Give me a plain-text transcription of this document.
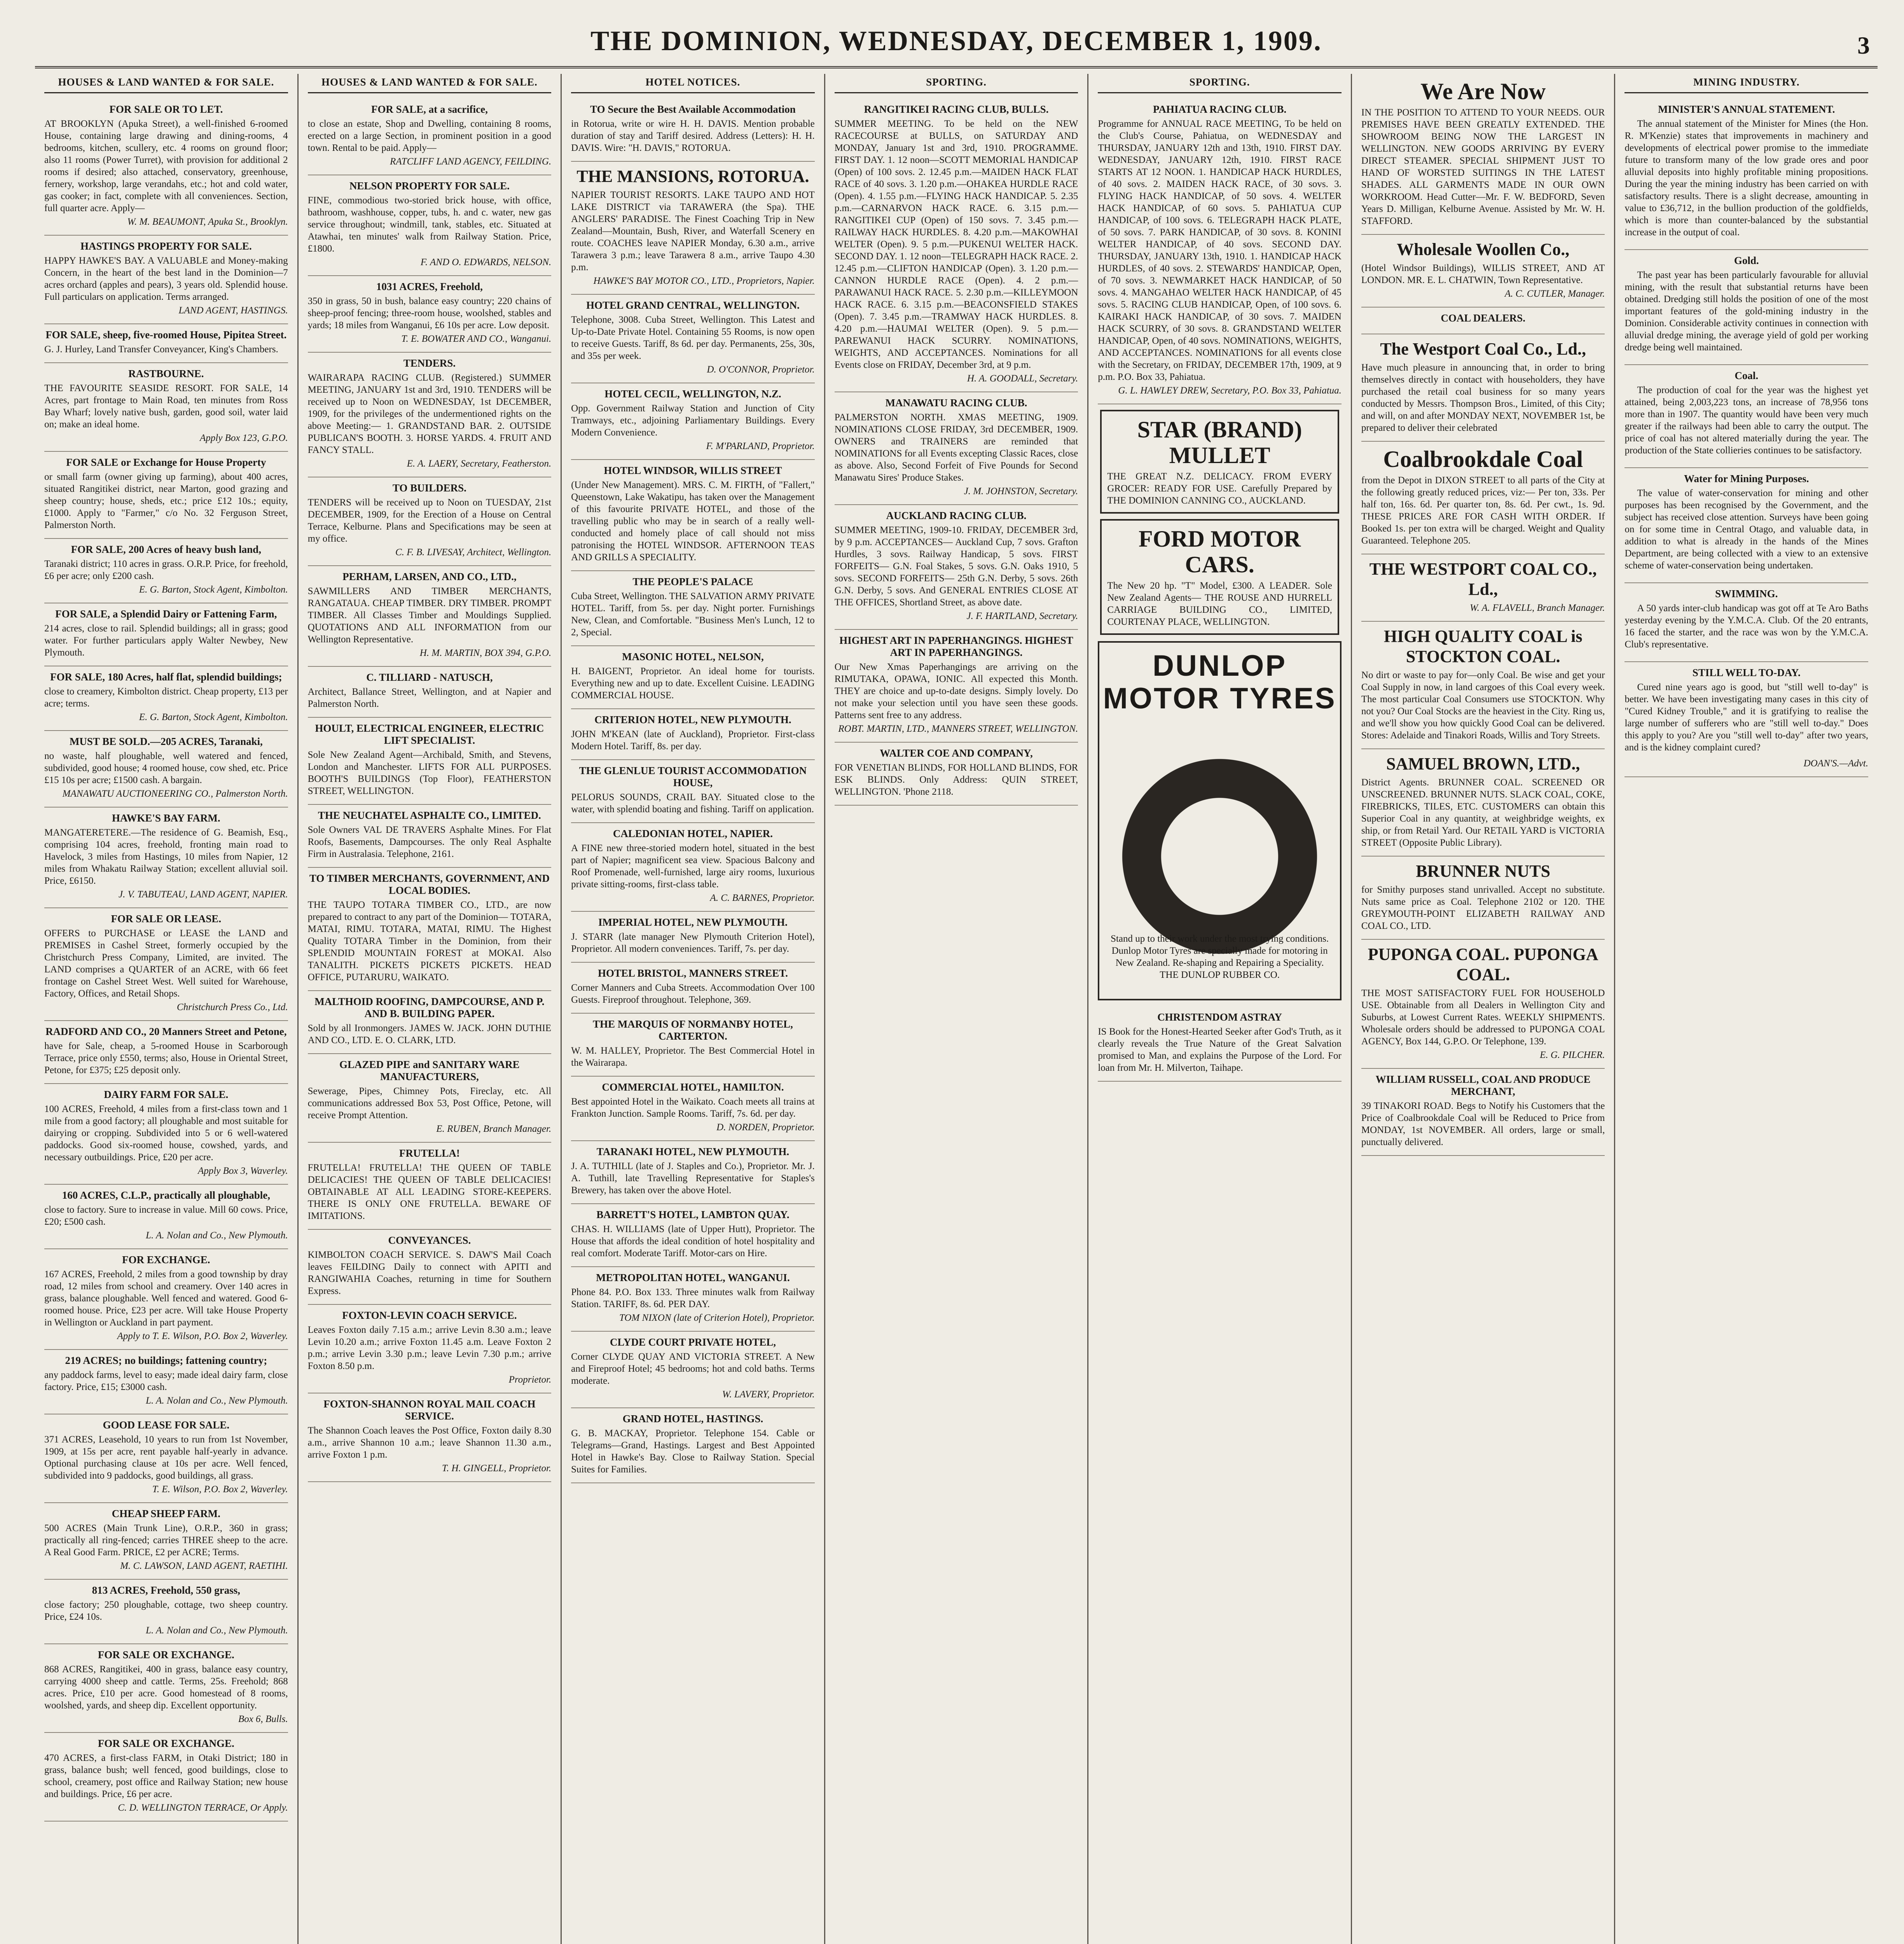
THE DOMINION, WEDNESDAY, DECEMBER 1, 1909.	3
HOUSES & LAND WANTED & FOR SALE.
FOR SALE OR TO LET.
AT BROOKLYN (Apuka Street), a well-finished 6-roomed House, containing large drawing and dining-rooms, 4 bedrooms, kitchen, scullery, etc. 4 rooms on ground floor; also 11 rooms (Power Turret), with provision for additional 2 rooms if desired; also attached, conservatory, greenhouse, fernery, workshop, large verandahs, etc.; hot and cold water, gas cooker; in fact, complete with all conveniences. Section, full quarter acre. Apply—
W. M. BEAUMONT, Apuka St., Brooklyn.
HASTINGS PROPERTY FOR SALE.
HAPPY HAWKE'S BAY. A VALUABLE and Money-making Concern, in the heart of the best land in the Dominion—7 acres orchard (apples and pears), 3 years old. Splendid house. Full particulars on application. Terms arranged.
LAND AGENT, HASTINGS.
FOR SALE, sheep, five-roomed House, Pipitea Street.
G. J. Hurley, Land Transfer Conveyancer, King's Chambers.
RASTBOURNE.
THE FAVOURITE SEASIDE RESORT. FOR SALE, 14 Acres, part frontage to Main Road, ten minutes from Ross Bay Wharf; lovely native bush, garden, good soil, water laid on; make an ideal home.
Apply Box 123, G.P.O.
FOR SALE or Exchange for House Property
or small farm (owner giving up farming), about 400 acres, situated Rangitikei district, near Marton, good grazing and sheep country; house, sheds, etc.; price £12 10s.; equity, £1000. Apply to "Farmer," c/o No. 32 Ferguson Street, Palmerston North.
FOR SALE, 200 Acres of heavy bush land,
Taranaki district; 110 acres in grass. O.R.P. Price, for freehold, £6 per acre; only £200 cash.
E. G. Barton, Stock Agent, Kimbolton.
FOR SALE, a Splendid Dairy or Fattening Farm,
214 acres, close to rail. Splendid buildings; all in grass; good water. For further particulars apply Walter Newbey, New Plymouth.
FOR SALE, 180 Acres, half flat, splendid buildings;
close to creamery, Kimbolton district. Cheap property, £13 per acre; terms.
E. G. Barton, Stock Agent, Kimbolton.
MUST BE SOLD.—205 ACRES, Taranaki,
no waste, half ploughable, well watered and fenced, subdivided, good house; 4 roomed house, cow shed, etc. Price £15 10s per acre; £1500 cash. A bargain.
MANAWATU AUCTIONEERING CO., Palmerston North.
HAWKE'S BAY FARM.
MANGATERETERE.—The residence of G. Beamish, Esq., comprising 104 acres, freehold, fronting main road to Havelock, 3 miles from Hastings, 10 miles from Napier, 12 miles from Whakatu Railway Station; excellent alluvial soil. Price, £6150.
J. V. TABUTEAU, LAND AGENT, NAPIER.
FOR SALE OR LEASE.
OFFERS to PURCHASE or LEASE the LAND and PREMISES in Cashel Street, formerly occupied by the Christchurch Press Company, Limited, are invited. The LAND comprises a QUARTER of an ACRE, with 66 feet frontage on Cashel Street West. Well suited for Warehouse, Factory, Offices, and Retail Shops.
Christchurch Press Co., Ltd.
RADFORD AND CO., 20 Manners Street and Petone,
have for Sale, cheap, a 5-roomed House in Scarborough Terrace, price only £550, terms; also, House in Oriental Street, Petone, for £375; £25 deposit only.
DAIRY FARM FOR SALE.
100 ACRES, Freehold, 4 miles from a first-class town and 1 mile from a good factory; all ploughable and most suitable for dairying or cropping. Subdivided into 5 or 6 well-watered paddocks. Good six-roomed house, cowshed, yards, and necessary outbuildings. Price, £20 per acre.
Apply Box 3, Waverley.
160 ACRES, C.L.P., practically all ploughable,
close to factory. Sure to increase in value. Mill 60 cows. Price, £20; £500 cash.
L. A. Nolan and Co., New Plymouth.
FOR EXCHANGE.
167 ACRES, Freehold, 2 miles from a good township by dray road, 12 miles from school and creamery. Over 140 acres in grass, balance ploughable. Well fenced and watered. Good 6-roomed house. Price, £23 per acre. Will take House Property in Wellington or Auckland in part payment.
Apply to T. E. Wilson, P.O. Box 2, Waverley.
219 ACRES; no buildings; fattening country;
any paddock farms, level to easy; made ideal dairy farm, close factory. Price, £15; £3000 cash.
L. A. Nolan and Co., New Plymouth.
GOOD LEASE FOR SALE.
371 ACRES, Leasehold, 10 years to run from 1st November, 1909, at 15s per acre, rent payable half-yearly in advance. Optional purchasing clause at 10s per acre. Well fenced, subdivided into 9 paddocks, good buildings, all grass.
T. E. Wilson, P.O. Box 2, Waverley.
CHEAP SHEEP FARM.
500 ACRES (Main Trunk Line), O.R.P., 360 in grass; practically all ring-fenced; carries THREE sheep to the acre. A Real Good Farm. PRICE, £2 per ACRE; Terms.
M. C. LAWSON, LAND AGENT, RAETIHI.
813 ACRES, Freehold, 550 grass,
close factory; 250 ploughable, cottage, two sheep country. Price, £24 10s.
L. A. Nolan and Co., New Plymouth.
FOR SALE OR EXCHANGE.
868 ACRES, Rangitikei, 400 in grass, balance easy country, carrying 4000 sheep and cattle. Terms, 25s. Freehold; 868 acres. Price, £10 per acre. Good homestead of 8 rooms, woolshed, yards, and sheep dip. Excellent opportunity.
Box 6, Bulls.
FOR SALE OR EXCHANGE.
470 ACRES, a first-class FARM, in Otaki District; 180 in grass, balance bush; well fenced, good buildings, close to school, creamery, post office and Railway Station; new house and buildings. Price, £6 per acre.
C. D. WELLINGTON TERRACE, Or Apply.
HOUSES & LAND WANTED & FOR SALE.
FOR SALE, at a sacrifice,
to close an estate, Shop and Dwelling, containing 8 rooms, erected on a large Section, in prominent position in a good town. Rental to be paid. Apply—
RATCLIFF LAND AGENCY, FEILDING.
NELSON PROPERTY FOR SALE.
FINE, commodious two-storied brick house, with office, bathroom, washhouse, copper, tubs, h. and c. water, new gas service throughout; windmill, tank, stables, etc. Situated at Atawhai, ten minutes' walk from Railway Station. Price, £1800.
F. AND O. EDWARDS, NELSON.
1031 ACRES, Freehold,
350 in grass, 50 in bush, balance easy country; 220 chains of sheep-proof fencing; three-room house, woolshed, stables and yards; 18 miles from Wanganui, £6 10s per acre. Low deposit.
T. E. BOWATER AND CO., Wanganui.
TENDERS.
WAIRARAPA RACING CLUB. (Registered.) SUMMER MEETING, JANUARY 1st and 3rd, 1910. TENDERS will be received up to Noon on WEDNESDAY, 1st DECEMBER, 1909, for the privileges of the undermentioned rights on the above Meeting:— 1. GRANDSTAND BAR. 2. OUTSIDE PUBLICAN'S BOOTH. 3. HORSE YARDS. 4. FRUIT AND FANCY STALL.
E. A. LAERY, Secretary, Featherston.
TO BUILDERS.
TENDERS will be received up to Noon on TUESDAY, 21st DECEMBER, 1909, for the Erection of a House on Central Terrace, Kelburne. Plans and Specifications may be seen at my office.
C. F. B. LIVESAY, Architect, Wellington.
PERHAM, LARSEN, AND CO., LTD.,
SAWMILLERS AND TIMBER MERCHANTS, RANGATAUA. CHEAP TIMBER. DRY TIMBER. PROMPT TIMBER. All Classes Timber and Mouldings Supplied. QUOTATIONS AND ALL INFORMATION from our Wellington Representative.
H. M. MARTIN, BOX 394, G.P.O.
C. TILLIARD - NATUSCH,
Architect, Ballance Street, Wellington, and at Napier and Palmerston North.
HOULT, ELECTRICAL ENGINEER, ELECTRIC LIFT SPECIALIST.
Sole New Zealand Agent—Archibald, Smith, and Stevens, London and Manchester. LIFTS FOR ALL PURPOSES. BOOTH'S BUILDINGS (Top Floor), FEATHERSTON STREET, WELLINGTON.
THE NEUCHATEL ASPHALTE CO., LIMITED.
Sole Owners VAL DE TRAVERS Asphalte Mines. For Flat Roofs, Basements, Dampcourses. The only Real Asphalte Firm in Australasia. Telephone, 2161.
TO TIMBER MERCHANTS, GOVERNMENT, AND LOCAL BODIES.
THE TAUPO TOTARA TIMBER CO., LTD., are now prepared to contract to any part of the Dominion— TOTARA, MATAI, RIMU. TOTARA, MATAI, RIMU. The Highest Quality TOTARA Timber in the Dominion, from their SPLENDID MOUNTAIN FOREST at MOKAI. Also TANALITH. PICKETS PICKETS PICKETS. HEAD OFFICE, PUTARURU, WAIKATO.
MALTHOID ROOFING, DAMPCOURSE, AND P. AND B. BUILDING PAPER.
Sold by all Ironmongers. JAMES W. JACK. JOHN DUTHIE AND CO., LTD. E. O. CLARK, LTD.
GLAZED PIPE and SANITARY WARE MANUFACTURERS,
Sewerage, Pipes, Chimney Pots, Fireclay, etc. All communications addressed Box 53, Post Office, Petone, will receive Prompt Attention.
E. RUBEN, Branch Manager.
FRUTELLA!
FRUTELLA! FRUTELLA! THE QUEEN OF TABLE DELICACIES! THE QUEEN OF TABLE DELICACIES! OBTAINABLE AT ALL LEADING STORE-KEEPERS. THERE IS ONLY ONE FRUTELLA. BEWARE OF IMITATIONS.
CONVEYANCES.
KIMBOLTON COACH SERVICE. S. DAW'S Mail Coach leaves FEILDING Daily to connect with APITI and RANGIWAHIA Coaches, returning in time for Southern Express.
FOXTON-LEVIN COACH SERVICE.
Leaves Foxton daily 7.15 a.m.; arrive Levin 8.30 a.m.; leave Levin 10.20 a.m.; arrive Foxton 11.45 a.m. Leave Foxton 2 p.m.; arrive Levin 3.30 p.m.; leave Levin 7.30 p.m.; arrive Foxton 8.50 p.m.
Proprietor.
FOXTON-SHANNON ROYAL MAIL COACH SERVICE.
The Shannon Coach leaves the Post Office, Foxton daily 8.30 a.m., arrive Shannon 10 a.m.; leave Shannon 11.30 a.m., arrive Foxton 1 p.m.
T. H. GINGELL, Proprietor.
HOTEL NOTICES.
TO Secure the Best Available Accommodation
in Rotorua, write or wire H. H. DAVIS. Mention probable duration of stay and Tariff desired. Address (Letters): H. H. DAVIS. Wire: "H. DAVIS," ROTORUA.
THE MANSIONS, ROTORUA.
NAPIER TOURIST RESORTS. LAKE TAUPO AND HOT LAKE DISTRICT via TARAWERA (the Spa). THE ANGLERS' PARADISE. The Finest Coaching Trip in New Zealand—Mountain, Bush, River, and Waterfall Scenery en route. COACHES leave NAPIER Monday, 6.30 a.m., arrive Tarawera 3 p.m.; leave Tarawera 8 a.m., arrive Taupo 4.30 p.m.
HAWKE'S BAY MOTOR CO., LTD., Proprietors, Napier.
HOTEL GRAND CENTRAL, WELLINGTON.
Telephone, 3008. Cuba Street, Wellington. This Latest and Up-to-Date Private Hotel. Containing 55 Rooms, is now open to receive Guests. Tariff, 8s 6d. per day. Permanents, 25s, 30s, and 35s per week.
D. O'CONNOR, Proprietor.
HOTEL CECIL, WELLINGTON, N.Z.
Opp. Government Railway Station and Junction of City Tramways, etc., adjoining Parliamentary Buildings. Every Modern Convenience.
F. M'PARLAND, Proprietor.
HOTEL WINDSOR, WILLIS STREET
(Under New Management). MRS. C. M. FIRTH, of "Fallert," Queenstown, Lake Wakatipu, has taken over the Management of this favourite PRIVATE HOTEL, and those of the travelling public who may be in search of a really well-conducted and homely place of call should not miss patronising the HOTEL WINDSOR. AFTERNOON TEAS AND GRILLS A SPECIALITY.
THE PEOPLE'S PALACE
Cuba Street, Wellington. THE SALVATION ARMY PRIVATE HOTEL. Tariff, from 5s. per day. Night porter. Furnishings New, Clean, and Comfortable. "Business Men's Lunch, 12 to 2, Special.
MASONIC HOTEL, NELSON,
H. BAIGENT, Proprietor. An ideal home for tourists. Everything new and up to date. Excellent Cuisine. LEADING COMMERCIAL HOUSE.
CRITERION HOTEL, NEW PLYMOUTH.
JOHN M'KEAN (late of Auckland), Proprietor. First-class Modern Hotel. Tariff, 8s. per day.
THE GLENLUE TOURIST ACCOMMODATION HOUSE,
PELORUS SOUNDS, CRAIL BAY. Situated close to the water, with splendid boating and fishing. Tariff on application.
CALEDONIAN HOTEL, NAPIER.
A FINE new three-storied modern hotel, situated in the best part of Napier; magnificent sea view. Spacious Balcony and Roof Promenade, well-furnished, large airy rooms, luxurious private sitting-rooms, first-class table.
A. C. BARNES, Proprietor.
IMPERIAL HOTEL, NEW PLYMOUTH.
J. STARR (late manager New Plymouth Criterion Hotel), Proprietor. All modern conveniences. Tariff, 7s. per day.
HOTEL BRISTOL, MANNERS STREET.
Corner Manners and Cuba Streets. Accommodation Over 100 Guests. Fireproof throughout. Telephone, 369.
THE MARQUIS OF NORMANBY HOTEL, CARTERTON.
W. M. HALLEY, Proprietor. The Best Commercial Hotel in the Wairarapa.
COMMERCIAL HOTEL, HAMILTON.
Best appointed Hotel in the Waikato. Coach meets all trains at Frankton Junction. Sample Rooms. Tariff, 7s. 6d. per day.
D. NORDEN, Proprietor.
TARANAKI HOTEL, NEW PLYMOUTH.
J. A. TUTHILL (late of J. Staples and Co.), Proprietor. Mr. J. A. Tuthill, late Travelling Representative for Staples's Brewery, has taken over the above Hotel.
BARRETT'S HOTEL, LAMBTON QUAY.
CHAS. H. WILLIAMS (late of Upper Hutt), Proprietor. The House that affords the ideal condition of hotel hospitality and real comfort. Moderate Tariff. Motor-cars on Hire.
METROPOLITAN HOTEL, WANGANUI.
Phone 84. P.O. Box 133. Three minutes walk from Railway Station. TARIFF, 8s. 6d. PER DAY.
TOM NIXON (late of Criterion Hotel), Proprietor.
CLYDE COURT PRIVATE HOTEL,
Corner CLYDE QUAY AND VICTORIA STREET. A New and Fireproof Hotel; 45 bedrooms; hot and cold baths. Terms moderate.
W. LAVERY, Proprietor.
GRAND HOTEL, HASTINGS.
G. B. MACKAY, Proprietor. Telephone 154. Cable or Telegrams—Grand, Hastings. Largest and Best Appointed Hotel in Hawke's Bay. Close to Railway Station. Special Suites for Families.
SPORTING.
RANGITIKEI RACING CLUB, BULLS.
SUMMER MEETING. To be held on the NEW RACECOURSE at BULLS, on SATURDAY AND MONDAY, January 1st and 3rd, 1910. PROGRAMME. FIRST DAY. 1. 12 noon—SCOTT MEMORIAL HANDICAP (Open) of 100 sovs. 2. 12.45 p.m.—MAIDEN HACK FLAT RACE of 40 sovs. 3. 1.20 p.m.—OHAKEA HURDLE RACE (Open). 4. 1.55 p.m.—FLYING HACK HANDICAP. 5. 2.35 p.m.—CARNARVON HACK RACE. 6. 3.15 p.m.—RANGITIKEI CUP (Open) of 150 sovs. 7. 3.45 p.m.—RAILWAY HACK HURDLES. 8. 4.20 p.m.—MAKOWHAI WELTER (Open). 9. 5 p.m.—PUKENUI WELTER HACK. SECOND DAY. 1. 12 noon—TELEGRAPH HACK RACE. 2. 12.45 p.m.—CLIFTON HANDICAP (Open). 3. 1.20 p.m.—CANNON HURDLE RACE (Open). 4. 2 p.m.—PARAWANUI HACK RACE. 5. 2.30 p.m.—KILLEYMOON HACK RACE. 6. 3.15 p.m.—BEACONSFIELD STAKES (Open). 7. 3.45 p.m.—TRAMWAY HACK HURDLES. 8. 4.20 p.m.—HAUMAI WELTER (Open). 9. 5 p.m.—PAREWANUI HACK SCURRY. NOMINATIONS, WEIGHTS, AND ACCEPTANCES. Nominations for all Events close on FRIDAY, December 3rd, at 9 p.m.
H. A. GOODALL, Secretary.
MANAWATU RACING CLUB.
PALMERSTON NORTH. XMAS MEETING, 1909. NOMINATIONS CLOSE FRIDAY, 3rd DECEMBER, 1909. OWNERS and TRAINERS are reminded that NOMINATIONS for all Events excepting Classic Races, close as above. Also, Second Forfeit of Five Pounds for Second Manawatu Sires' Produce Stakes.
J. M. JOHNSTON, Secretary.
AUCKLAND RACING CLUB.
SUMMER MEETING, 1909-10. FRIDAY, DECEMBER 3rd, by 9 p.m. ACCEPTANCES— Auckland Cup, 7 sovs. Grafton Hurdles, 3 sovs. Railway Handicap, 5 sovs. FIRST FORFEITS— G.N. Foal Stakes, 5 sovs. G.N. Oaks 1910, 5 sovs. SECOND FORFEITS— 25th G.N. Derby, 5 sovs. 26th G.N. Derby, 5 sovs. And GENERAL ENTRIES CLOSE AT THE OFFICES, Shortland Street, as above date.
J. F. HARTLAND, Secretary.
HIGHEST ART IN PAPERHANGINGS. HIGHEST ART IN PAPERHANGINGS.
Our New Xmas Paperhangings are arriving on the RIMUTAKA, OPAWA, IONIC. All expected this Month. THEY are choice and up-to-date designs. Simply lovely. Do not make your selection until you have seen these goods. Patterns sent free to any address.
ROBT. MARTIN, LTD., MANNERS STREET, WELLINGTON.
WALTER COE AND COMPANY,
FOR VENETIAN BLINDS, FOR HOLLAND BLINDS, FOR ESK BLINDS. Only Address: QUIN STREET, WELLINGTON. 'Phone 2118.
SPORTING.
PAHIATUA RACING CLUB.
Programme for ANNUAL RACE MEETING, To be held on the Club's Course, Pahiatua, on WEDNESDAY and THURSDAY, JANUARY 12th and 13th, 1910. FIRST DAY. WEDNESDAY, JANUARY 12th, 1910. FIRST RACE STARTS AT 12 NOON. 1. HANDICAP HACK HURDLES, of 40 sovs. 2. MAIDEN HACK RACE, of 30 sovs. 3. FLYING HACK HANDICAP, of 50 sovs. 4. WELTER HACK HANDICAP, of 60 sovs. 5. PAHIATUA CUP HANDICAP, of 100 sovs. 6. TELEGRAPH HACK PLATE, of 50 sovs. 7. PARK HANDICAP, of 30 sovs. 8. KONINI WELTER HANDICAP, of 40 sovs. SECOND DAY. THURSDAY, JANUARY 13th, 1910. 1. HANDICAP HACK HURDLES, of 40 sovs. 2. STEWARDS' HANDICAP, Open, of 70 sovs. 3. NEWMARKET HACK HANDICAP, of 50 sovs. 4. MANGAHAO WELTER HACK HANDICAP, of 45 sovs. 5. RACING CLUB HANDICAP, Open, of 100 sovs. 6. KAIRAKI HACK HANDICAP, of 30 sovs. 7. MAIDEN HACK SCURRY, of 30 sovs. 8. GRANDSTAND WELTER HANDICAP, Open, of 40 sovs. NOMINATIONS, WEIGHTS, AND ACCEPTANCES. NOMINATIONS for all events close with the Secretary, on FRIDAY, DECEMBER 17th, 1909, at 9 p.m. P.O. Box 33, Pahiatua.
G. L. HAWLEY DREW, Secretary, P.O. Box 33, Pahiatua.
STAR (BRAND) MULLET
THE GREAT N.Z. DELICACY. FROM EVERY GROCER: READY FOR USE. Carefully Prepared by THE DOMINION CANNING CO., AUCKLAND.
FORD MOTOR CARS.
The New 20 hp. "T" Model, £300. A LEADER. Sole New Zealand Agents— THE ROUSE AND HURRELL CARRIAGE BUILDING CO., LIMITED, COURTENAY PLACE, WELLINGTON.
DUNLOP MOTOR TYRES
Stand up to their work under the most trying conditions. Dunlop Motor Tyres are specially made for motoring in New Zealand. Re-shaping and Repairing a Speciality. THE DUNLOP RUBBER CO.
CHRISTENDOM ASTRAY
IS Book for the Honest-Hearted Seeker after God's Truth, as it clearly reveals the True Nature of the Great Salvation promised to Man, and explains the Purpose of the Lord. For loan from Mr. H. Milverton, Taihape.
We Are Now
IN THE POSITION TO ATTEND TO YOUR NEEDS. OUR PREMISES HAVE BEEN GREATLY EXTENDED. THE SHOWROOM BEING NOW THE LARGEST IN WELLINGTON. NEW GOODS ARRIVING BY EVERY DIRECT STEAMER. SPECIAL SHIPMENT JUST TO HAND OF WORSTED SUITINGS IN THE LATEST SHADES. ALL GARMENTS MADE IN OUR OWN WORKROOM. Head Cutter—Mr. F. W. BEDFORD, Seven Years D. Milligan, Kelburne Avenue. Assisted by Mr. W. H. STAFFORD.
Wholesale Woollen Co.,
(Hotel Windsor Buildings), WILLIS STREET, AND AT LONDON. MR. E. L. CHATWIN, Town Representative.
A. C. CUTLER, Manager.
COAL DEALERS.
The Westport Coal Co., Ld.,
Have much pleasure in announcing that, in order to bring themselves directly in contact with householders, they have purchased the retail coal business for so many years conducted by Messrs. Thompson Bros., Limited, of this City; and will, on and after MONDAY NEXT, NOVEMBER 1st, be prepared to deliver their celebrated
Coalbrookdale Coal
from the Depot in DIXON STREET to all parts of the City at the following greatly reduced prices, viz:— Per ton, 33s. Per half ton, 16s. 6d. Per quarter ton, 8s. 6d. Per cwt., 1s. 9d. THESE PRICES ARE FOR CASH WITH ORDER. If Booked 1s. per ton extra will be charged. Weight and Quality Guaranteed. Telephone 205.
THE WESTPORT COAL CO., Ld.,
W. A. FLAVELL, Branch Manager.
HIGH QUALITY COAL is STOCKTON COAL.
No dirt or waste to pay for—only Coal. Be wise and get your Coal Supply in now, in land cargoes of this Coal every week. The most particular Coal Consumers use STOCKTON. Why not you? Our Coal Stocks are the heaviest in the City. Ring us, and we'll show you how quickly Good Coal can be delivered. Stores: Adelaide and Tinakori Roads, Willis and Tory Streets.
SAMUEL BROWN, LTD.,
District Agents. BRUNNER COAL. SCREENED OR UNSCREENED. BRUNNER NUTS. SLACK COAL, COKE, FIREBRICKS, TILES, ETC. CUSTOMERS can obtain this Superior Coal in any quantity, at weighbridge weights, ex ship, or from Retail Yard. Our RETAIL YARD is VICTORIA STREET (Opposite Public Library).
BRUNNER NUTS
for Smithy purposes stand unrivalled. Accept no substitute. Nuts same price as Coal. Telephone 2102 or 120. THE GREYMOUTH-POINT ELIZABETH RAILWAY AND COAL CO., LTD.
PUPONGA COAL. PUPONGA COAL.
THE MOST SATISFACTORY FUEL FOR HOUSEHOLD USE. Obtainable from all Dealers in Wellington City and Suburbs, at Lowest Current Rates. WEEKLY SHIPMENTS. Wholesale orders should be addressed to PUPONGA COAL AGENCY, Box 144, G.P.O. Or Telephone, 139.
E. G. PILCHER.
WILLIAM RUSSELL, COAL AND PRODUCE MERCHANT,
39 TINAKORI ROAD. Begs to Notify his Customers that the Price of Coalbrookdale Coal will be Reduced to Price from MONDAY, 1st NOVEMBER. All orders, large or small, punctually delivered.
MINING INDUSTRY.
MINISTER'S ANNUAL STATEMENT.
The annual statement of the Minister for Mines (the Hon. R. M'Kenzie) states that improvements in machinery and developments of electrical power promise to the immediate future to transform many of the low grade ores and poor alluvial deposits into highly profitable mining propositions. During the year the mining industry has been carried on with satisfactory results. There is a slight decrease, amounting in value to £36,712, in the bullion production of the goldfields, which is more than counter-balanced by the substantial increase in the output of coal.
Gold.
The past year has been particularly favourable for alluvial mining, with the result that substantial returns have been obtained. Dredging still holds the position of one of the most important features of the gold-mining industry in the Dominion. Considerable activity continues in connection with alluvial dredge mining, the average yield of gold per working dredge being well maintained.
Coal.
The production of coal for the year was the highest yet attained, being 2,003,223 tons, an increase of 78,956 tons more than in 1907. The quantity would have been very much greater if the railways had been able to carry the output. The price of coal has not altered materially during the year. The production of the State collieries continues to be satisfactory.
Water for Mining Purposes.
The value of water-conservation for mining and other purposes has been recognised by the Government, and the subject has received close attention. Surveys have been going on for some time in Central Otago, and valuable data, in addition to what is already in the hands of the Mines Department, are being collected with a view to an extensive scheme of water-conservation being undertaken.
SWIMMING.
A 50 yards inter-club handicap was got off at Te Aro Baths yesterday evening by the Y.M.C.A. Club. Of the 20 entrants, 16 faced the starter, and the race was won by the Y.M.C.A. Club's representative.
STILL WELL TO-DAY.
Cured nine years ago is good, but "still well to-day" is better. We have been investigating many cases in this city of "Cured Kidney Trouble," and it is gratifying to realise the large number of sufferers who are "still well to-day." Does this apply to you? Are you "still well to-day" after two years, and is the kidney complaint cured?
DOAN'S.—Advt.
